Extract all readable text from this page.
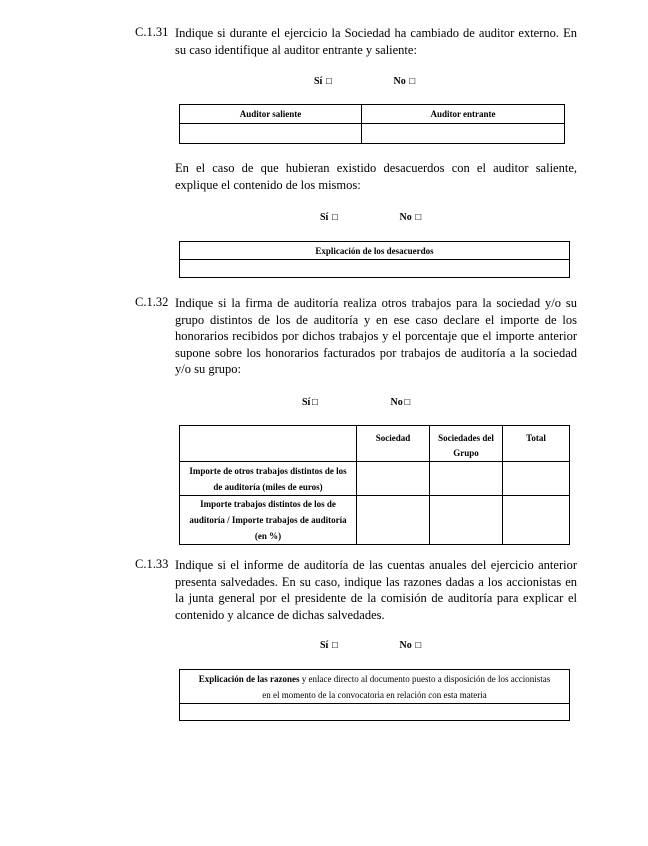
C.1.31 Indique si durante el ejercicio la Sociedad ha cambiado de auditor externo. En su caso identifique al auditor entrante y saliente:
Sí ☐	No ☐
Auditor saliente	Auditor entrante

En el caso de que hubieran existido desacuerdos con el auditor saliente, explique el contenido de los mismos:
Sí ☐	No ☐
Explicación de los desacuerdos

C.1.32 Indique si la firma de auditoría realiza otros trabajos para la sociedad y/o su grupo distintos de los de auditoría y en ese caso declare el importe de los honorarios recibidos por dichos trabajos y el porcentaje que el importe anterior supone sobre los honorarios facturados por trabajos de auditoría a la sociedad y/o su grupo:
Sí☐	No☐
	Sociedad	Sociedades del Grupo	Total
Importe de otros trabajos distintos de los de auditoría (miles de euros)			
Importe trabajos distintos de los de auditoría / Importe trabajos de auditoría (en %)			
C.1.33 Indique si el informe de auditoría de las cuentas anuales del ejercicio anterior presenta salvedades. En su caso, indique las razones dadas a los accionistas en la junta general por el presidente de la comisión de auditoría para explicar el contenido y alcance de dichas salvedades.
Sí ☐	No ☐
Explicación de las razones y enlace directo al documento puesto a disposición de los accionistas en el momento de la convocatoria en relación con esta materia
